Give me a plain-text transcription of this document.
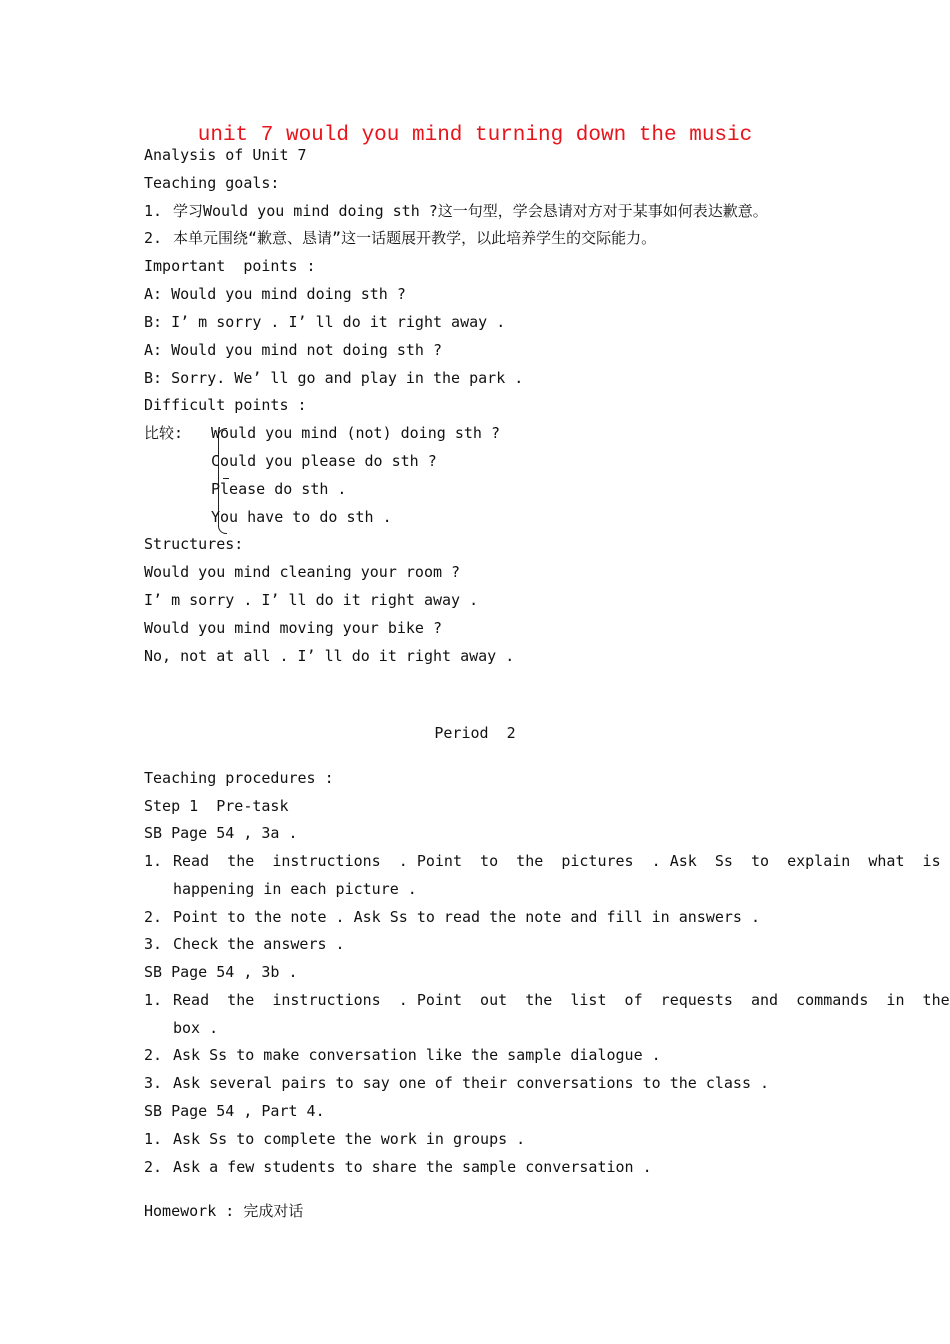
unit 7 would you mind turning down the music
Analysis of Unit 7
Teaching goals:
1. 学习Would you mind doing sth ?这一句型，学会恳请对方对于某事如何表达歉意。
2. 本单元围绕“歉意、恳请”这一话题展开教学，以此培养学生的交际能力。
Important  points :
A: Would you mind doing sth ?
B: I’ m sorry . I’ ll do it right away .
A: Would you mind not doing sth ?
B: Sorry. We’ ll go and play in the park .
Difficult points :
比较: Would you mind (not) doing sth ?
Could you please do sth ?
Please do sth .
You have to do sth .
Structures:
Would you mind cleaning your room ?
I’ m sorry . I’ ll do it right away .
Would you mind moving your bike ?
No, not at all . I’ ll do it right away .
Period  2
Teaching procedures :
Step 1  Pre-task
SB Page 54 , 3a .
1. Read  the  instructions  . Point  to  the  pictures  . Ask  Ss  to  explain  what  is
happening in each picture .
2. Point to the note . Ask Ss to read the note and fill in answers .
3. Check the answers .
SB Page 54 , 3b .
1. Read  the  instructions  . Point  out  the  list  of  requests  and  commands  in  the
box .
2. Ask Ss to make conversation like the sample dialogue .
3. Ask several pairs to say one of their conversations to the class .
SB Page 54 , Part 4.
1. Ask Ss to complete the work in groups .
2. Ask a few students to share the sample conversation .
Homework : 完成对话
